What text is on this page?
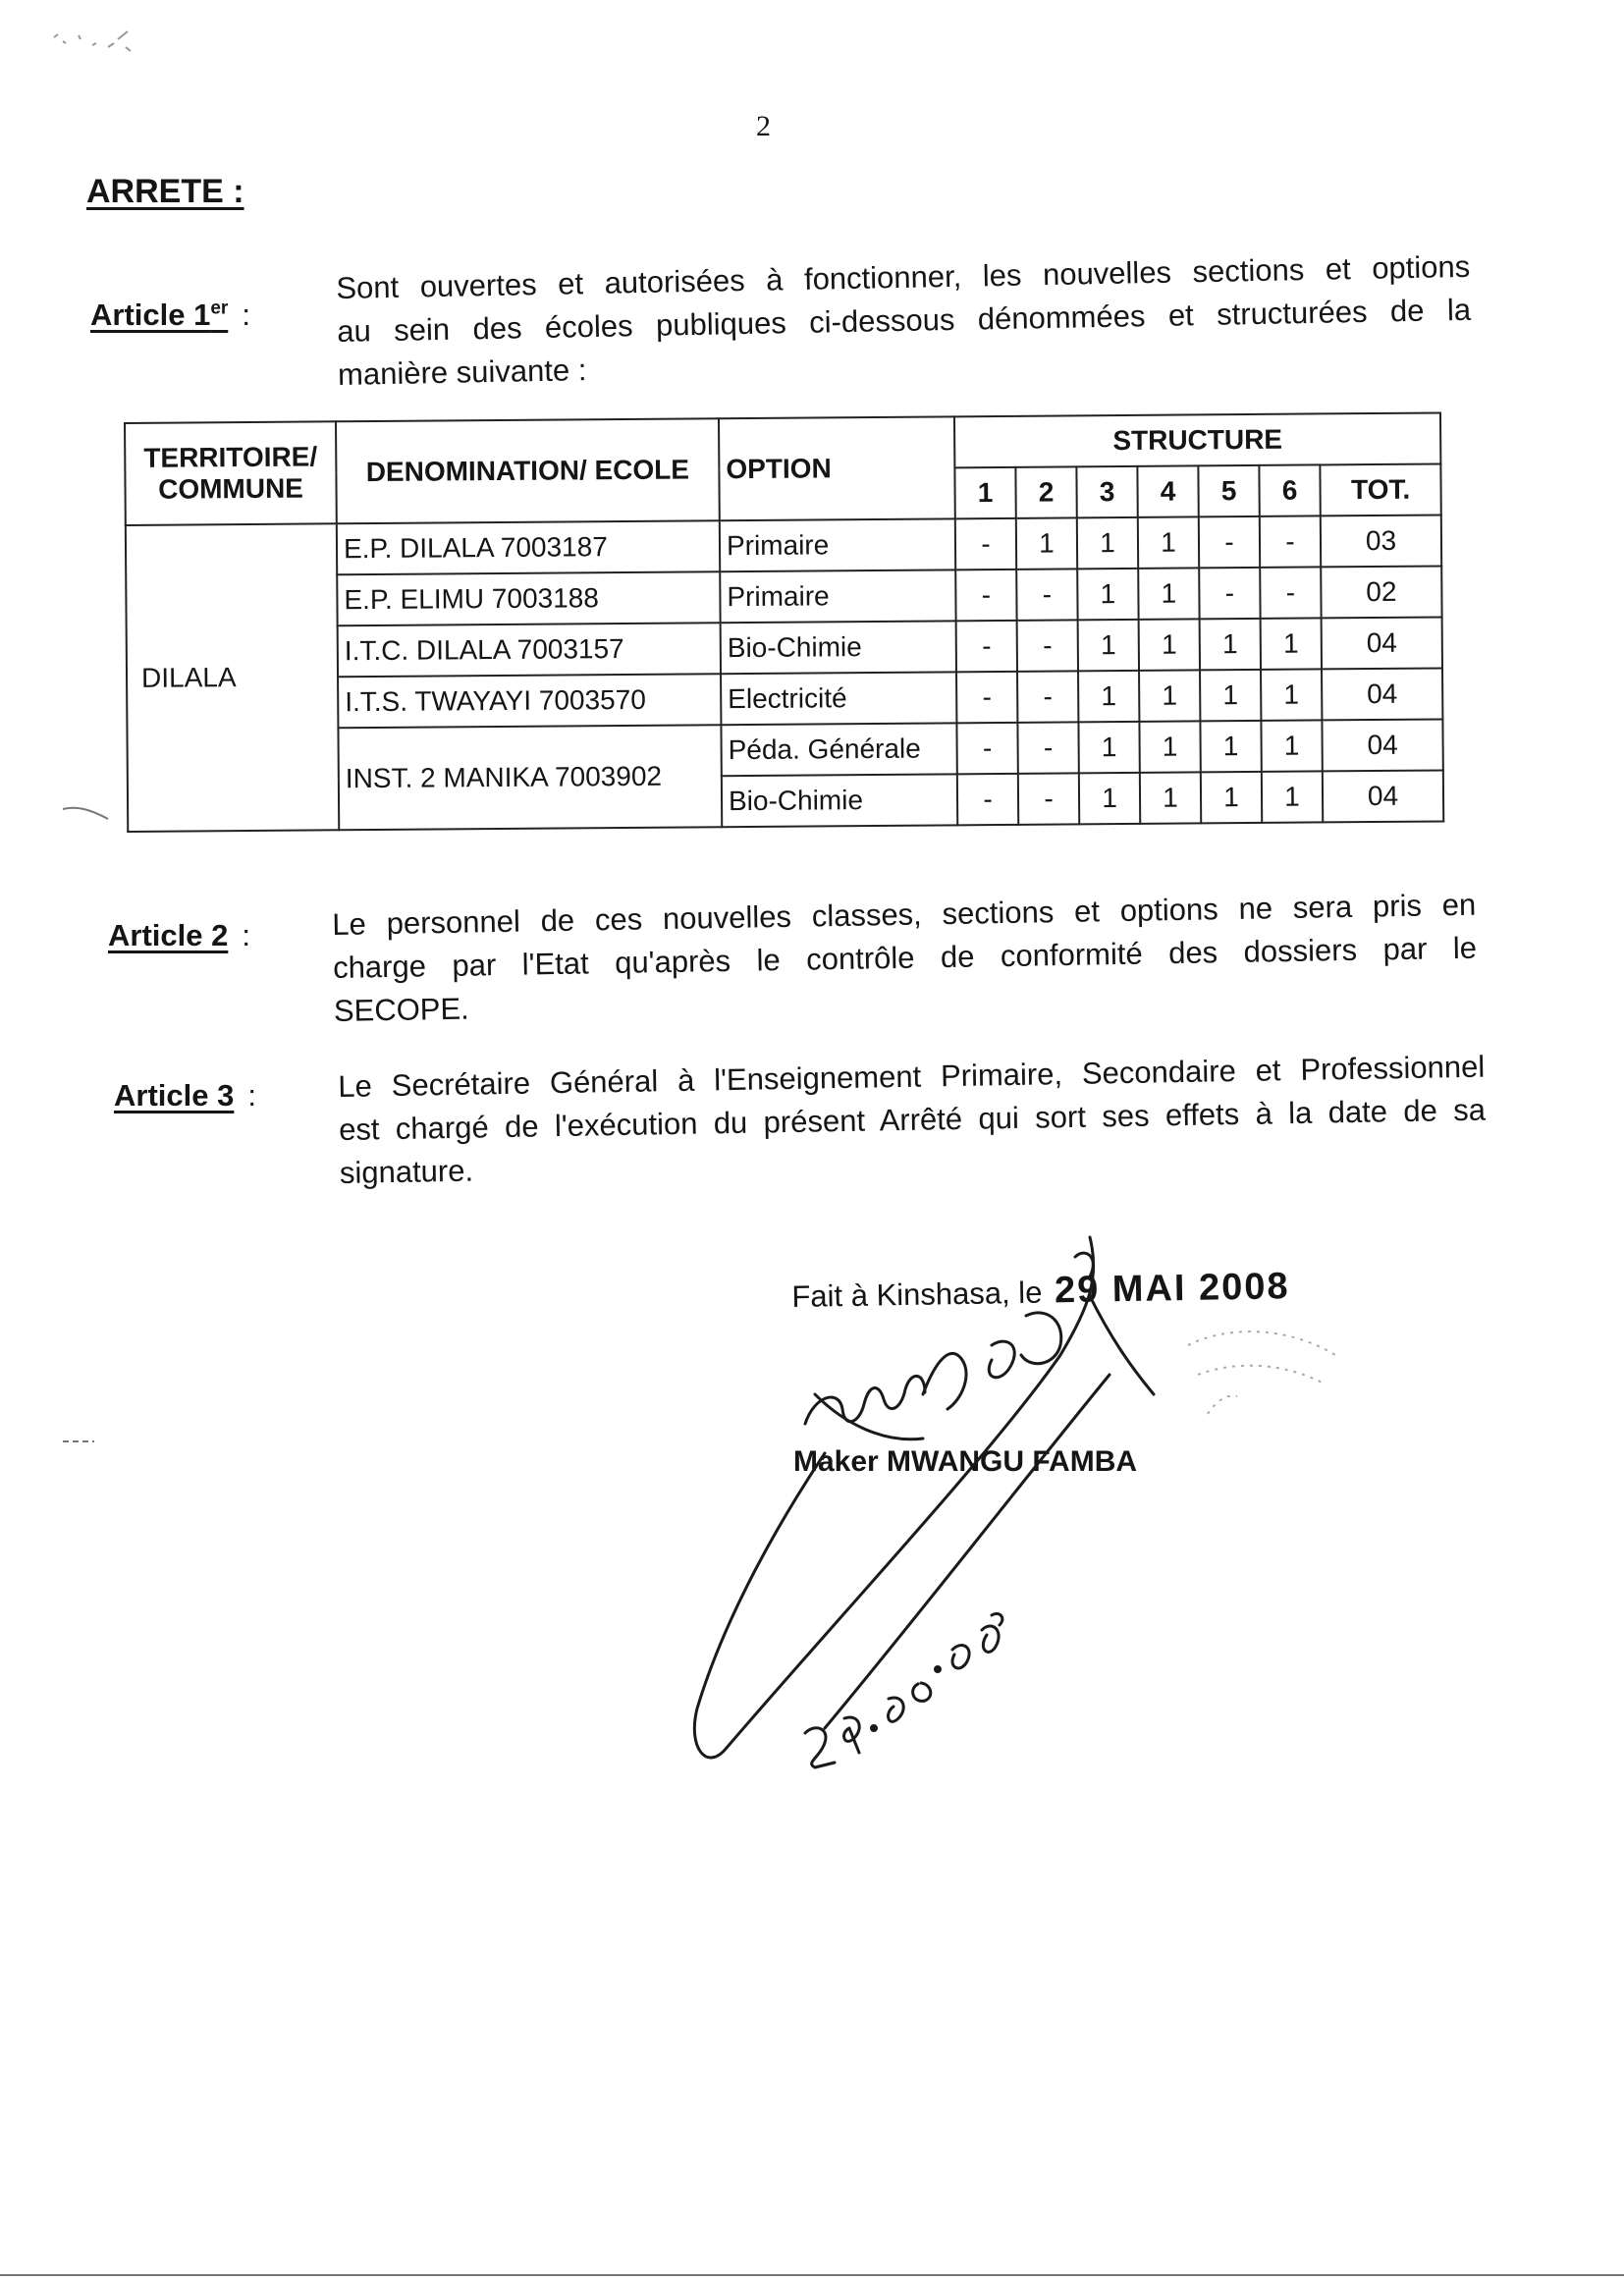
2
ARRETE :
Article 1er :
Sont ouvertes et autorisées à fonctionner, les nouvelles sections et options
au sein des écoles publiques ci-dessous dénommées et structurées de la
manière suivante :
TERRITOIRE/ COMMUNE	DENOMINATION/ ECOLE	OPTION	STRUCTURE						
			1	2	3	4	5	6	TOT.
DILALA	E.P. DILALA 7003187	Primaire	-	1	1	1	-	-	03
	E.P. ELIMU 7003188	Primaire	-	-	1	1	-	-	02
	I.T.C. DILALA 7003157	Bio-Chimie	-	-	1	1	1	1	04
	I.T.S. TWAYAYI 7003570	Electricité	-	-	1	1	1	1	04
	INST. 2 MANIKA 7003902	Péda. Générale	-	-	1	1	1	1	04
		Bio-Chimie	-	-	1	1	1	1	04
Article 2 :	Le personnel de ces nouvelles classes, sections et options ne sera pris en
charge par l'Etat qu'après le contrôle de conformité des dossiers par le
SECOPE.
Article 3 :	Le Secrétaire Général à l'Enseignement Primaire, Secondaire et Professionnel
est chargé de l'exécution du présent Arrêté qui sort ses effets à la date de sa
signature.
Fait à Kinshasa, le 29 MAI 2008
Maker MWANGU FAMBA
